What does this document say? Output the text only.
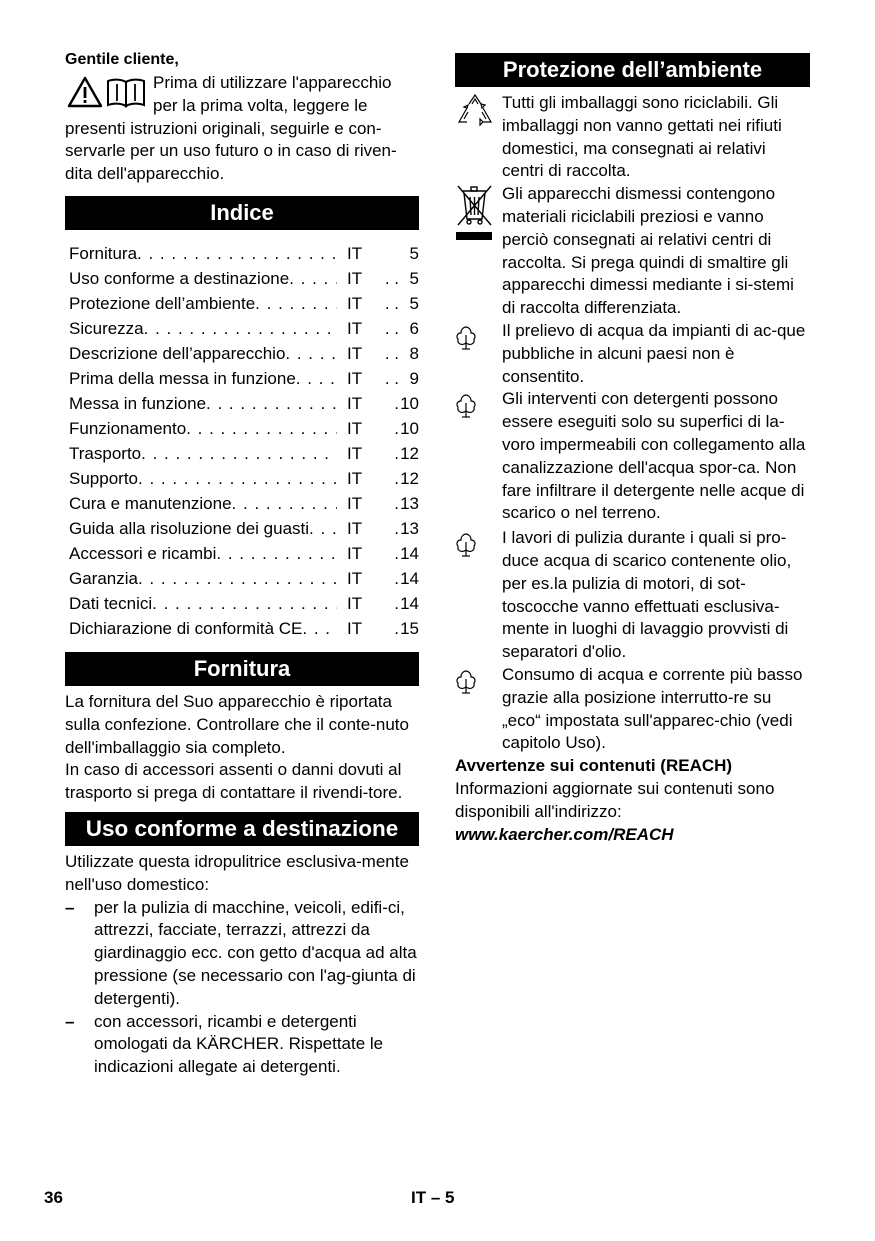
Gentile cliente,

Prima di utilizzare l'apparecchio

per la prima volta, leggere le

presenti istruzioni originali, seguirle e con-servarle per un uso futuro o in caso di riven-dita dell'apparecchio.

Indice
Fornitura . . .	IT	5
Uso conforme a destinazione . . .	IT	. . 5
Protezione dell’ambiente . . .	IT	. . 5
Sicurezza . . .	IT	. . 6
Descrizione dell’apparecchio . . .	IT	. . 8
Prima della messa in funzione . . .	IT	. . 9
Messa in funzione . . .	IT	. 10
Funzionamento . . .	IT	. 10
Trasporto . . .	IT	. 12
Supporto . . .	IT	. 12
Cura e manutenzione . . .	IT	. 13
Guida alla risoluzione dei guasti . . .	IT	. 13
Accessori e ricambi . . .	IT	. 14
Garanzia . . .	IT	. 14
Dati tecnici . . .	IT	. 14
Dichiarazione di conformità CE . . .	IT	. 15
Fornitura

La fornitura del Suo apparecchio è riportata sulla confezione. Controllare che il conte-nuto dell'imballaggio sia completo.

In caso di accessori assenti o danni dovuti al trasporto si prega di contattare il rivendi-tore.

Uso conforme a destinazione

Utilizzate questa idropulitrice esclusiva-mente nell'uso domestico:

– per la pulizia di macchine, veicoli, edifi-ci, attrezzi, facciate, terrazzi, attrezzi da giardinaggio ecc. con getto d'acqua ad alta pressione (se necessario con l'ag-giunta di detergenti).

– con accessori, ricambi e detergenti omologati da KÄRCHER. Rispettate le indicazioni allegate ai detergenti.

Protezione dell’ambiente

Tutti gli imballaggi sono riciclabili. Gli imballaggi non vanno gettati nei rifiuti domestici, ma consegnati ai relativi centri di raccolta.

Gli apparecchi dismessi contengono materiali riciclabili preziosi e vanno perciò consegnati ai relativi centri di raccolta. Si prega quindi di smaltire gli apparecchi dimessi mediante i si-stemi di raccolta differenziata.

Il prelievo di acqua da impianti di ac-que pubbliche in alcuni paesi non è consentito.

Gli interventi con detergenti possono essere eseguiti solo su superfici di la-voro impermeabili con collegamento alla canalizzazione dell'acqua spor-ca. Non fare infiltrare il detergente nelle acque di scarico o nel terreno.

I lavori di pulizia durante i quali si pro-duce acqua di scarico contenente olio, per es.la pulizia di motori, di sot-toscocche vanno effettuati esclusiva-mente in luoghi di lavaggio provvisti di separatori d'olio.

Consumo di acqua e corrente più basso grazie alla posizione interrutto-re su „eco“ impostata sull'apparec-chio (vedi capitolo Uso).

Avvertenze sui contenuti (REACH)

Informazioni aggiornate sui contenuti sono disponibili all'indirizzo:

www.kaercher.com/REACH

36	IT – 5
